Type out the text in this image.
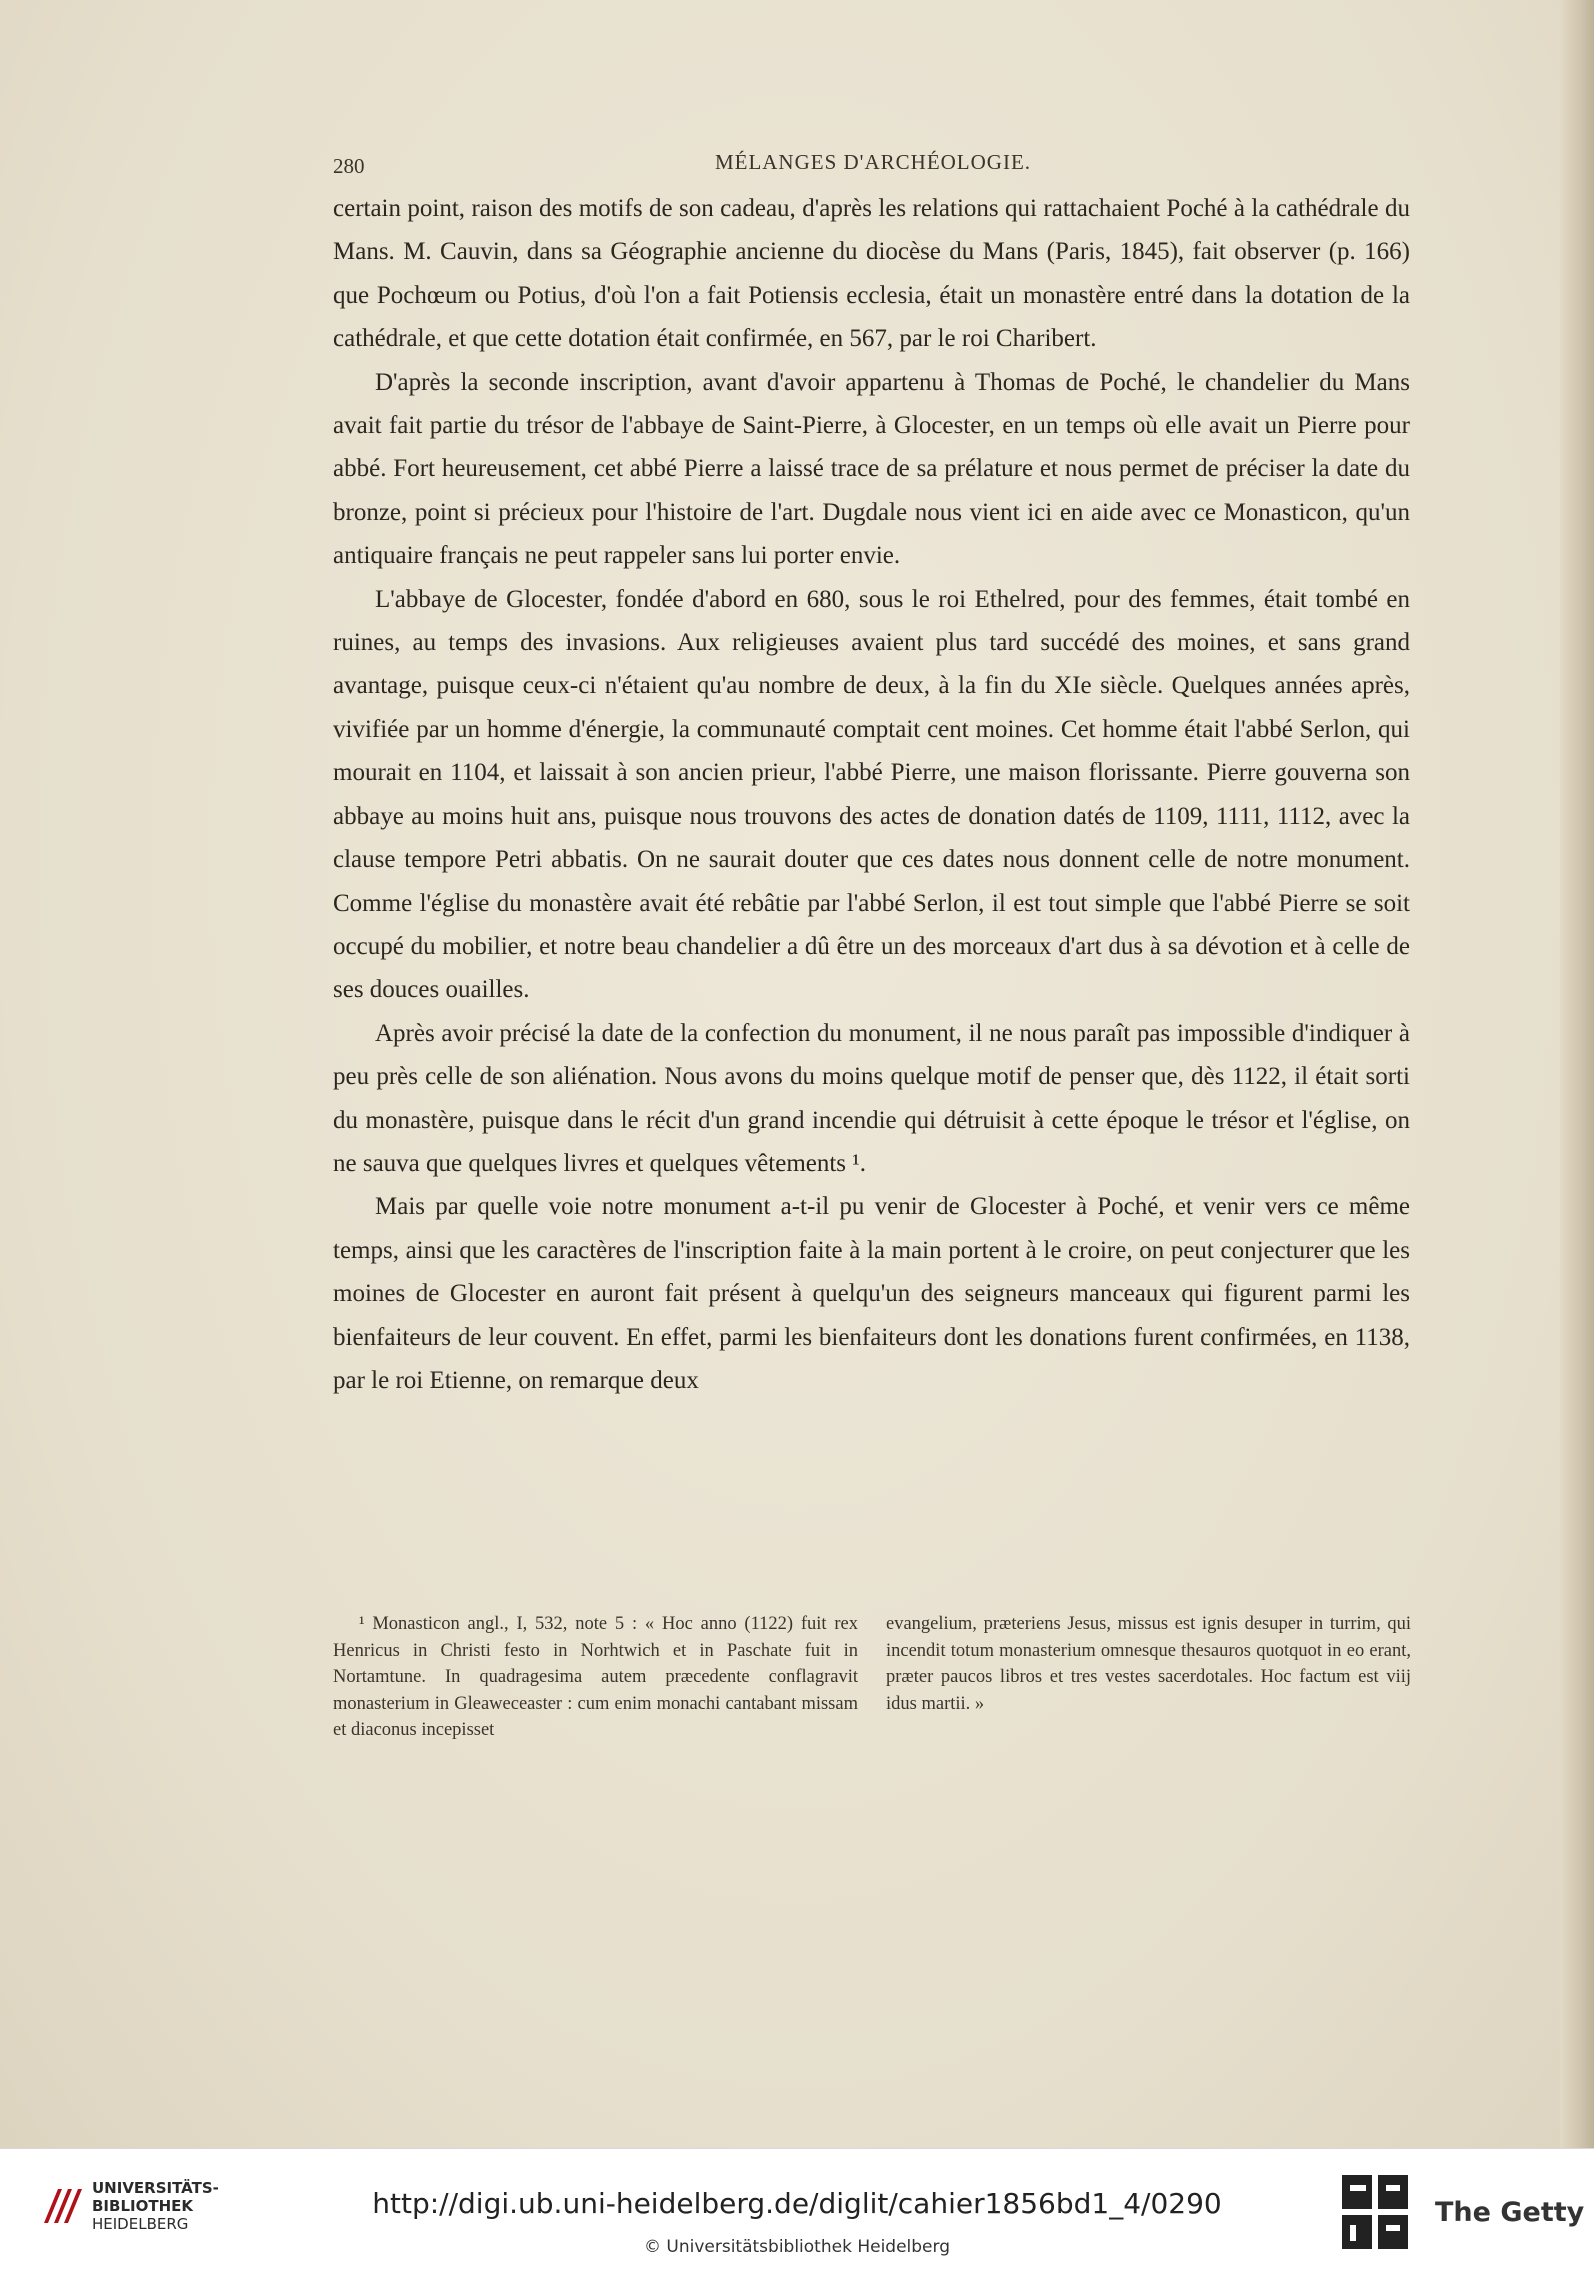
280	MÉLANGES D'ARCHÉOLOGIE.

certain point, raison des motifs de son cadeau, d'après les relations qui rattachaient Poché à la cathédrale du Mans. M. Cauvin, dans sa Géographie ancienne du diocèse du Mans (Paris, 1845), fait observer (p. 166) que Pochœum ou Potius, d'où l'on a fait Potiensis ecclesia, était un monastère entré dans la dotation de la cathédrale, et que cette dotation était confirmée, en 567, par le roi Charibert.

D'après la seconde inscription, avant d'avoir appartenu à Thomas de Poché, le chandelier du Mans avait fait partie du trésor de l'abbaye de Saint-Pierre, à Glocester, en un temps où elle avait un Pierre pour abbé. Fort heureusement, cet abbé Pierre a laissé trace de sa prélature et nous permet de préciser la date du bronze, point si précieux pour l'histoire de l'art. Dugdale nous vient ici en aide avec ce Monasticon, qu'un antiquaire français ne peut rappeler sans lui porter envie.

L'abbaye de Glocester, fondée d'abord en 680, sous le roi Ethelred, pour des femmes, était tombé en ruines, au temps des invasions. Aux religieuses avaient plus tard succédé des moines, et sans grand avantage, puisque ceux-ci n'étaient qu'au nombre de deux, à la fin du XIe siècle. Quelques années après, vivifiée par un homme d'énergie, la communauté comptait cent moines. Cet homme était l'abbé Serlon, qui mourait en 1104, et laissait à son ancien prieur, l'abbé Pierre, une maison florissante. Pierre gouverna son abbaye au moins huit ans, puisque nous trouvons des actes de donation datés de 1109, 1111, 1112, avec la clause tempore Petri abbatis. On ne saurait douter que ces dates nous donnent celle de notre monument. Comme l'église du monastère avait été rebâtie par l'abbé Serlon, il est tout simple que l'abbé Pierre se soit occupé du mobilier, et notre beau chandelier a dû être un des morceaux d'art dus à sa dévotion et à celle de ses douces ouailles.

Après avoir précisé la date de la confection du monument, il ne nous paraît pas impossible d'indiquer à peu près celle de son aliénation. Nous avons du moins quelque motif de penser que, dès 1122, il était sorti du monastère, puisque dans le récit d'un grand incendie qui détruisit à cette époque le trésor et l'église, on ne sauva que quelques livres et quelques vêtements ¹.

Mais par quelle voie notre monument a-t-il pu venir de Glocester à Poché, et venir vers ce même temps, ainsi que les caractères de l'inscription faite à la main portent à le croire, on peut conjecturer que les moines de Glocester en auront fait présent à quelqu'un des seigneurs manceaux qui figurent parmi les bienfaiteurs de leur couvent. En effet, parmi les bienfaiteurs dont les donations furent confirmées, en 1138, par le roi Etienne, on remarque deux

¹ Monasticon angl., I, 532, note 5 : « Hoc anno (1122) fuit rex Henricus in Christi festo in Norhtwich et in Paschate fuit in Nortamtune. In quadragesima autem præcedente conflagravit monasterium in Gleaweceaster : cum enim monachi cantabant missam et diaconus incepisset

evangelium, præteriens Jesus, missus est ignis desuper in turrim, qui incendit totum monasterium omnesque thesauros quotquot in eo erant, præter paucos libros et tres vestes sacerdotales. Hoc factum est viij idus martii. »

UNIVERSITÄTS-
BIBLIOTHEK
HEIDELBERG
http://digi.ub.uni-heidelberg.de/diglit/cahier1856bd1_4/0290
© Universitätsbibliothek Heidelberg
The Getty
